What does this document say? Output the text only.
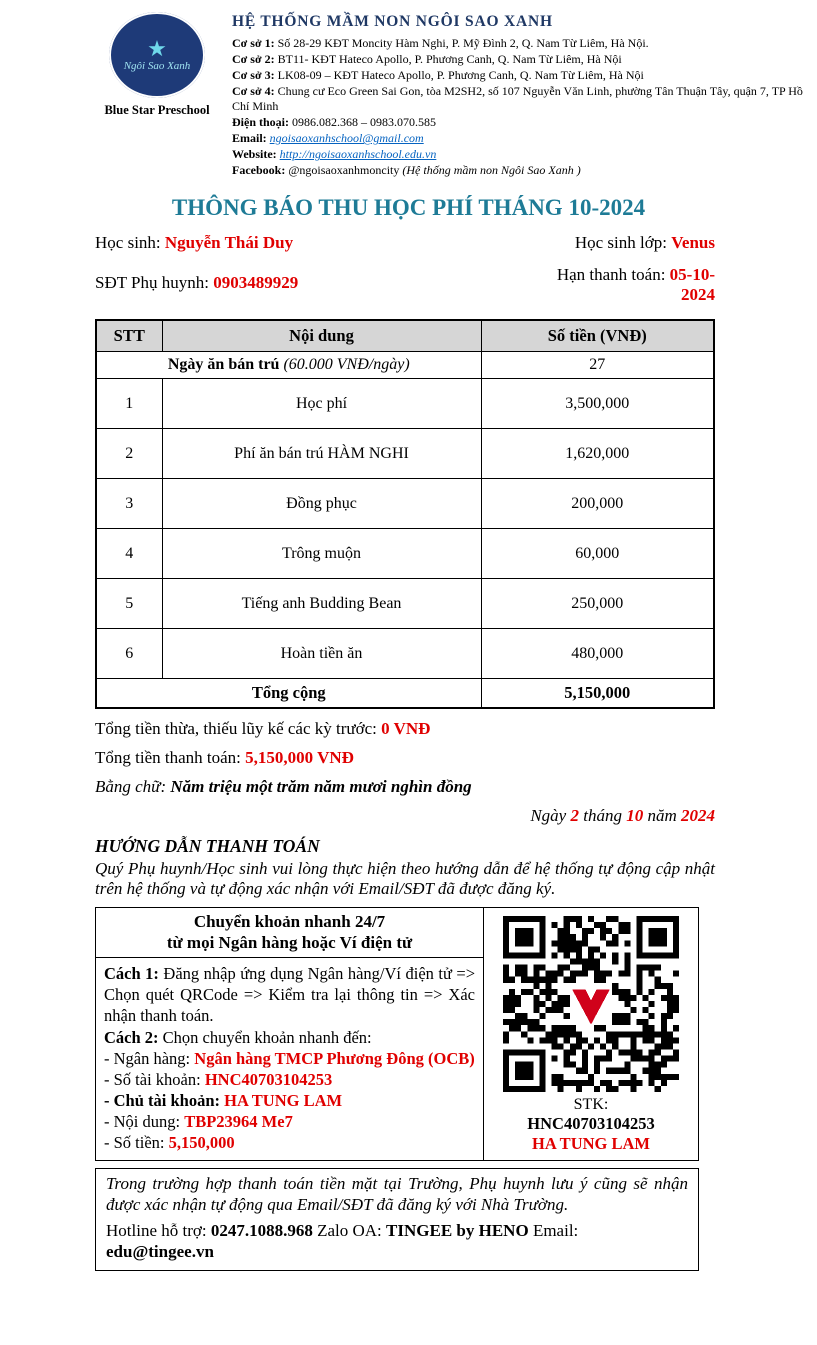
★
Ngôi Sao Xanh
Blue Star Preschool
HỆ THỐNG MẦM NON NGÔI SAO XANH
Cơ sở 1: Số 28-29 KĐT Moncity Hàm Nghi, P. Mỹ Đình 2, Q. Nam Từ Liêm, Hà Nội.
Cơ sở 2: BT11- KĐT Hateco Apollo, P. Phương Canh, Q. Nam Từ Liêm, Hà Nội
Cơ sở 3: LK08-09 – KĐT Hateco Apollo, P. Phương Canh, Q. Nam Từ Liêm, Hà Nội
Cơ sở 4: Chung cư Eco Green Sai Gon, tòa M2SH2, số 107 Nguyễn Văn Linh, phường Tân Thuận Tây, quận 7, TP Hồ Chí Minh
Điện thoại: 0986.082.368 – 0983.070.585
Email: ngoisaoxanhschool@gmail.com
Website: http://ngoisaoxanhschool.edu.vn
Facebook: @ngoisaoxanhmoncity (Hệ thống mầm non Ngôi Sao Xanh )
THÔNG BÁO THU HỌC PHÍ THÁNG 10-2024
Học sinh: Nguyễn Thái Duy	Học sinh lớp: Venus
SĐT Phụ huynh: 0903489929	Hạn thanh toán: 05-10-2024
STT	Nội dung	Số tiền (VNĐ)
Ngày ăn bán trú (60.000 VNĐ/ngày)		27
1	Học phí	3,500,000
2	Phí ăn bán trú HÀM NGHI	1,620,000
3	Đồng phục	200,000
4	Trông muộn	60,000
5	Tiếng anh Budding Bean	250,000
6	Hoàn tiền ăn	480,000
Tổng cộng		5,150,000
Tổng tiền thừa, thiếu lũy kế các kỳ trước: 0 VNĐ
Tổng tiền thanh toán: 5,150,000 VNĐ
Bằng chữ: Năm triệu một trăm năm mươi nghìn đồng
Ngày 2 tháng 10 năm 2024
HƯỚNG DẪN THANH TOÁN
Quý Phụ huynh/Học sinh vui lòng thực hiện theo hướng dẫn để hệ thống tự động cập nhật trên hệ thống và tự động xác nhận với Email/SĐT đã được đăng ký.
Chuyển khoản nhanh 24/7
từ mọi Ngân hàng hoặc Ví điện tử
Cách 1: Đăng nhập ứng dụng Ngân hàng/Ví điện tử => Chọn quét QRCode => Kiểm tra lại thông tin => Xác nhận thanh toán.
Cách 2: Chọn chuyển khoản nhanh đến:
- Ngân hàng: Ngân hàng TMCP Phương Đông (OCB)
- Số tài khoản: HNC40703104253
- Chủ tài khoản: HA TUNG LAM
- Nội dung: TBP23964 Me7
- Số tiền: 5,150,000
STK:
HNC40703104253
HA TUNG LAM
Trong trường hợp thanh toán tiền mặt tại Trường, Phụ huynh lưu ý cũng sẽ nhận được xác nhận tự động qua Email/SĐT đã đăng ký với Nhà Trường.
Hotline hỗ trợ: 0247.1088.968 Zalo OA: TINGEE by HENO Email: edu@tingee.vn
